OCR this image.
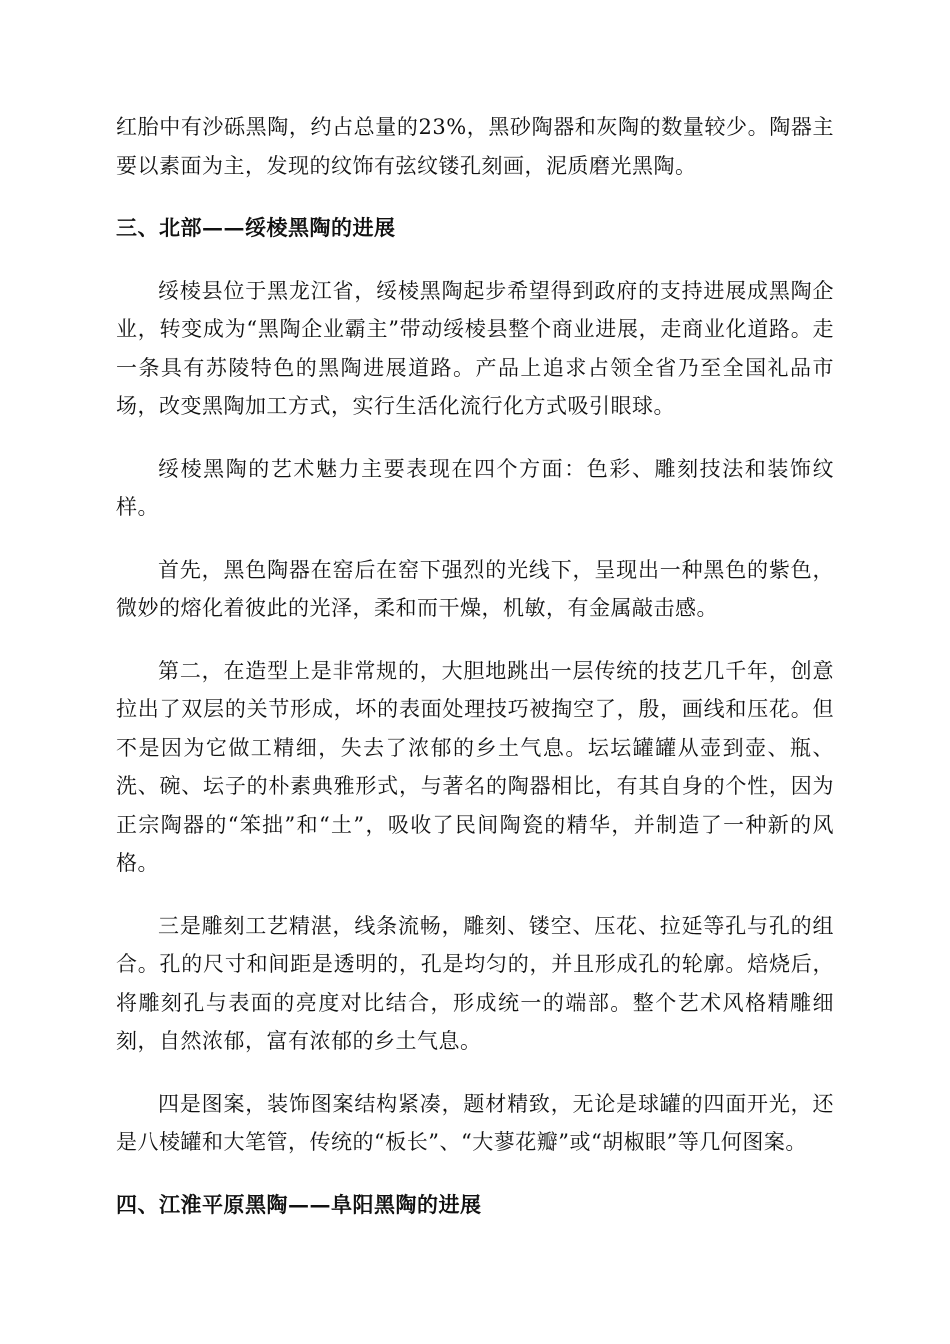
红胎中有沙砾黑陶，约占总量的23%，黑砂陶器和灰陶的数量较少。陶器主要以素面为主，发现的纹饰有弦纹镂孔刻画，泥质磨光黑陶。

三、北部——绥棱黑陶的进展

绥棱县位于黑龙江省，绥棱黑陶起步希望得到政府的支持进展成黑陶企业，转变成为“黑陶企业霸主”带动绥棱县整个商业进展，走商业化道路。走一条具有苏陵特色的黑陶进展道路。产品上追求占领全省乃至全国礼品市场，改变黑陶加工方式，实行生活化流行化方式吸引眼球。

绥棱黑陶的艺术魅力主要表现在四个方面：色彩、雕刻技法和装饰纹样。

首先，黑色陶器在窑后在窑下强烈的光线下，呈现出一种黑色的紫色，微妙的熔化着彼此的光泽，柔和而干燥，机敏，有金属敲击感。

第二，在造型上是非常规的，大胆地跳出一层传统的技艺几千年，创意拉出了双层的关节形成，坏的表面处理技巧被掏空了，殷，画线和压花。但不是因为它做工精细，失去了浓郁的乡土气息。坛坛罐罐从壶到壶、瓶、洗、碗、坛子的朴素典雅形式，与著名的陶器相比，有其自身的个性，因为正宗陶器的“笨拙”和“土”，吸收了民间陶瓷的精华，并制造了一种新的风格。

三是雕刻工艺精湛，线条流畅，雕刻、镂空、压花、拉延等孔与孔的组合。孔的尺寸和间距是透明的，孔是均匀的，并且形成孔的轮廓。焙烧后，将雕刻孔与表面的亮度对比结合，形成统一的端部。整个艺术风格精雕细刻，自然浓郁，富有浓郁的乡土气息。

四是图案，装饰图案结构紧凑，题材精致，无论是球罐的四面开光，还是八棱罐和大笔管，传统的“板长”、“大蓼花瓣”或“胡椒眼”等几何图案。

四、江淮平原黑陶——阜阳黑陶的进展
